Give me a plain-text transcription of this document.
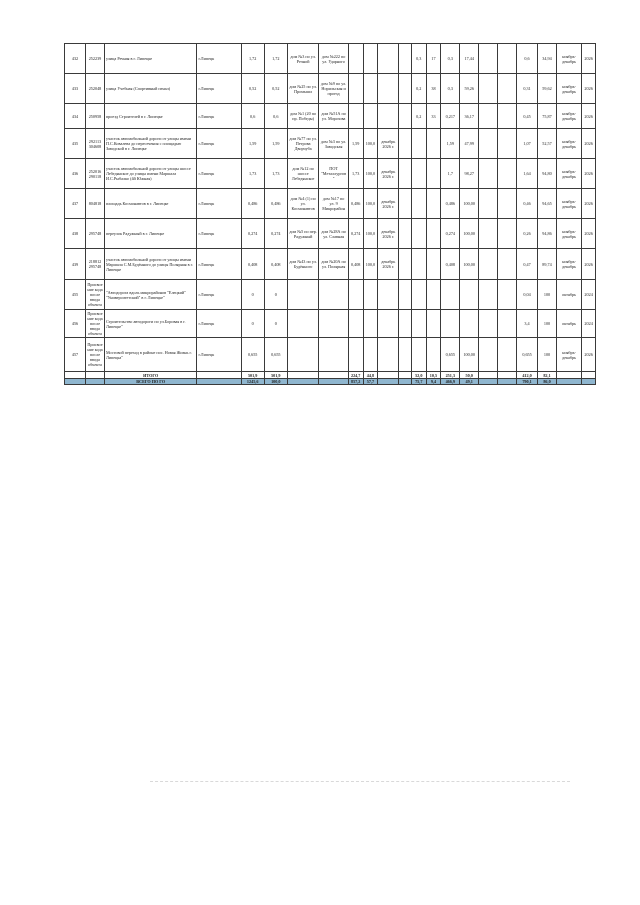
432	252239	улица Речная в г. Липецке	г.Липецк	1,72	1,72	дом №3 по ул. Речной	дом №222 по ул. Ударного					0,3	17	0,3	17,44			0,6	34,94	ноябрь-декабрь	2026
433	252048	улица Учебная (Спортивный пенал)	г.Липецк	0,52	0,52	дом №25 по ул. Промышл	дом №9 по ул. Норильская и проезд					0,2	38	0,3	59,26			0,31	59,62	ноябрь-декабрь	2026
434	250958	проезд Строителей в г. Липецке	г.Липецк	0,6	0,6	дом №1 (20 по пр. Победы)	дом №51А по ул. Морозова					0,2	33	0,217	36,17			0,45	75,87	ноябрь-декабрь	2026
435	292113 304608	участок автомобильной дороги от улицы имени П.С.Ковалева до пересечения с площадью Заводской в г. Липецке	г.Липецк	1,59	1,59	дом №77 по ул. Петрова Дворчуба	дом №3 по ул. Заводская	1,59	100,0	декабрь 2026 г.				1,59	47,99			1,07	52,57	ноябрь-декабрь	2026
436	252016 290118	участок автомобильной дороги от улицы шоссе Лебедянское до улицы имени Маршала И.С.Рыбалко (4й Южная)	г.Липецк	1,73	1,73	дом №12 по шоссе Лебедянское	ПОТ "Металлургов"	1,73	100,0	декабрь 2026 г.				1,7	98,27			1,64	94,80	ноябрь-декабрь	2026
437	804818	площадь Космонавтов в г. Липецке	г.Липецк	0,486	0,486	дом №4 (1) по ул. Космонавтов	дом №17 по ул. 9 Микрорайон	0,486	100,0	декабрь 2026 г.				0,486	100,00			0,46	94,65	ноябрь-декабрь	2026
438	295748	переулок Радужный в г. Липецке	г.Липецк	0,274	0,274	дом №5 по пер. Радужный	дом №28А по ул. Славная	0,274	100,0	декабрь 2026 г.				0,274	100,00			0,26	94,86	ноябрь-декабрь	2026
439	218812 295748	участок автомобильной дороги от улицы имени Маршала С.М.Будённого до улицы Полярная в г. Липецке	г.Липецк	0,408	0,408	дом №43 по ул. Будённого	дом №20А по ул. Полярная	0,408	100,0	декабрь 2026 г.				0,408	100,00			0,47	89,74	ноябрь-декабрь	2026
455	Присвоение кода после ввода объекта	"Автодорога вдоль микрорайонов "Елецкий" "Университетский" в г. Липецке"	г.Липецк	0	0													0,04	100	октябрь	2024
456	Присвоение кода после ввода объекта	Строительство автодороги по ул.Боровая в г. Липецке"	г.Липецк	0	0													3,4	100	октябрь	2024
457	Присвоение кода после ввода объекта	Мостовой переход в районе пос. Новая Жизнь г. Липецка"	г.Липецк	0,655	0,655									0,655	100,00			0,655	100	ноябрь-декабрь	2026
		ИТОГО		501,9	501,9			224,7	44,8			52,0	10,5	251,3	50,0			412,0	82,1		
		ВСЕГО ПО ГО		1245,6	100,0			857,2	57,7			75,7	9,4	466,9	49,1			790,1	86,0		
